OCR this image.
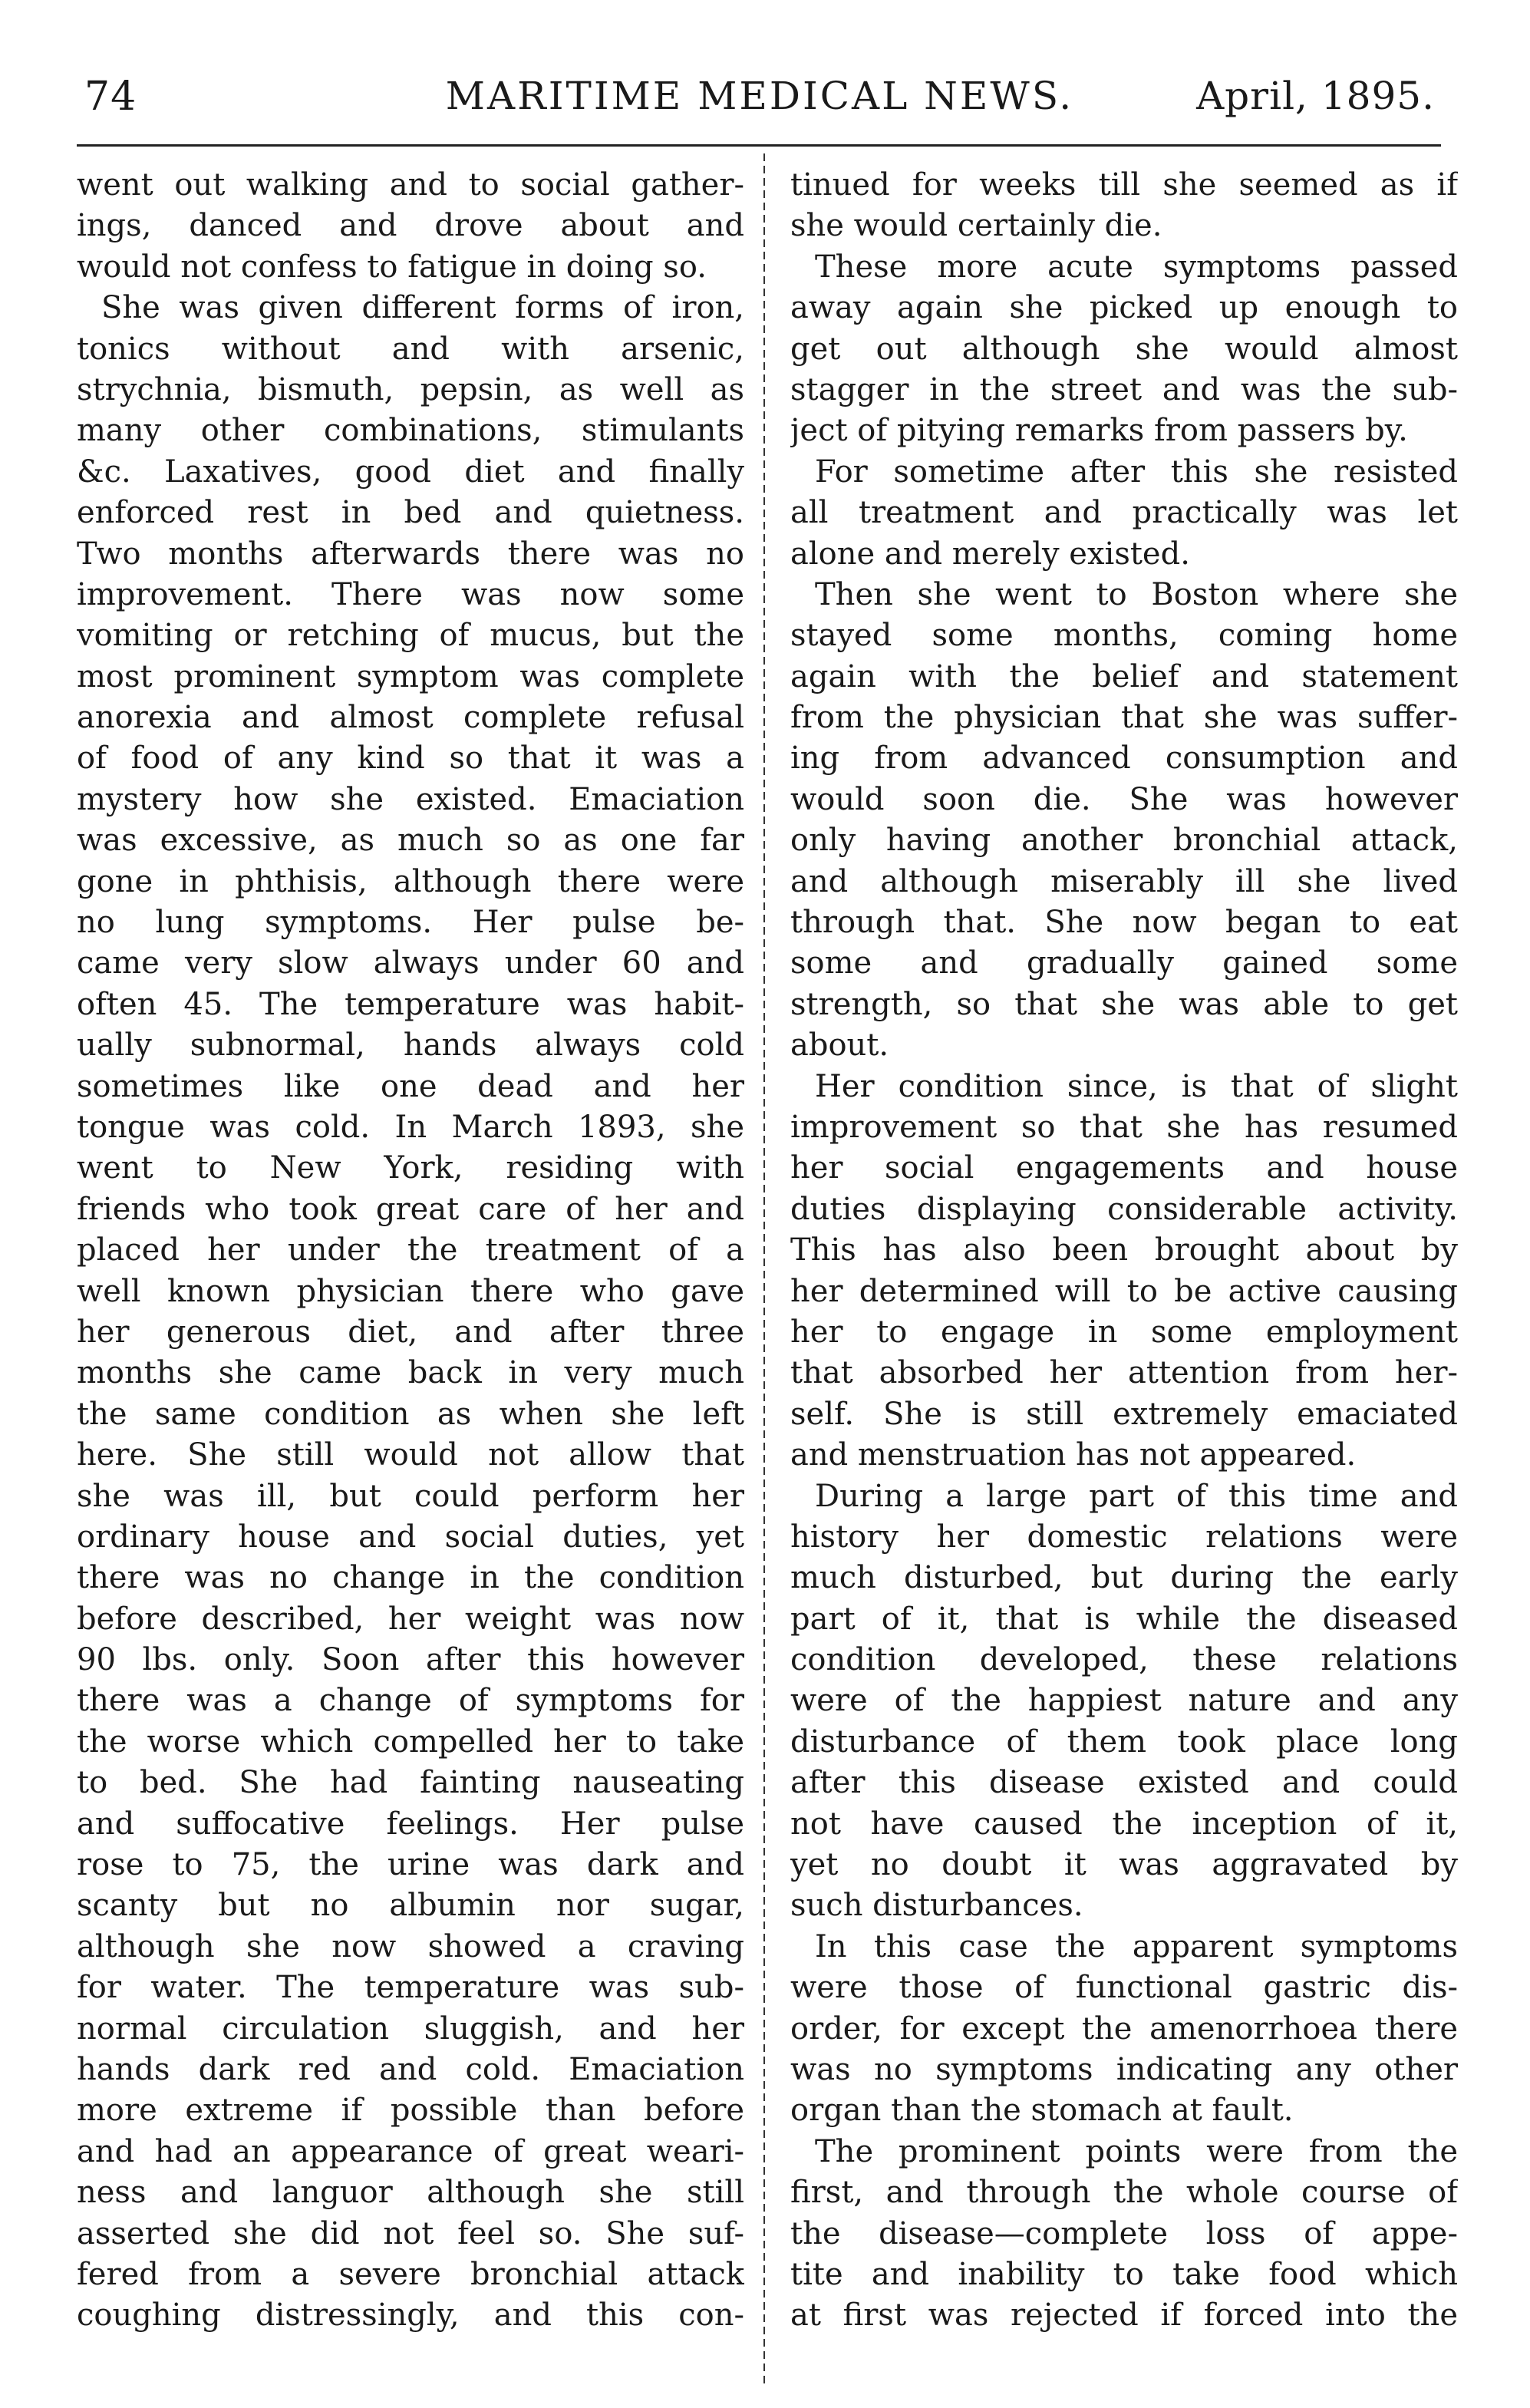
74	MARITIME MEDICAL NEWS.	April, 1895.
went out walking and to social gather-
ings, danced and drove about and
would not confess to fatigue in doing so.
She was given different forms of iron,
tonics without and with arsenic,
strychnia, bismuth, pepsin, as well as
many other combinations, stimulants
&c. Laxatives, good diet and finally
enforced rest in bed and quietness.
Two months afterwards there was no
improvement. There was now some
vomiting or retching of mucus, but the
most prominent symptom was complete
anorexia and almost complete refusal
of food of any kind so that it was a
mystery how she existed. Emaciation
was excessive, as much so as one far
gone in phthisis, although there were
no lung symptoms. Her pulse be-
came very slow always under 60 and
often 45. The temperature was habit-
ually subnormal, hands always cold
sometimes like one dead and her
tongue was cold. In March 1893, she
went to New York, residing with
friends who took great care of her and
placed her under the treatment of a
well known physician there who gave
her generous diet, and after three
months she came back in very much
the same condition as when she left
here. She still would not allow that
she was ill, but could perform her
ordinary house and social duties, yet
there was no change in the condition
before described, her weight was now
90 lbs. only. Soon after this however
there was a change of symptoms for
the worse which compelled her to take
to bed. She had fainting nauseating
and suffocative feelings. Her pulse
rose to 75, the urine was dark and
scanty but no albumin nor sugar,
although she now showed a craving
for water. The temperature was sub-
normal circulation sluggish, and her
hands dark red and cold. Emaciation
more extreme if possible than before
and had an appearance of great weari-
ness and languor although she still
asserted she did not feel so. She suf-
fered from a severe bronchial attack
coughing distressingly, and this con-
tinued for weeks till she seemed as if
she would certainly die.
These more acute symptoms passed
away again she picked up enough to
get out although she would almost
stagger in the street and was the sub-
ject of pitying remarks from passers by.
For sometime after this she resisted
all treatment and practically was let
alone and merely existed.
Then she went to Boston where she
stayed some months, coming home
again with the belief and statement
from the physician that she was suffer-
ing from advanced consumption and
would soon die. She was however
only having another bronchial attack,
and although miserably ill she lived
through that. She now began to eat
some and gradually gained some
strength, so that she was able to get
about.
Her condition since, is that of slight
improvement so that she has resumed
her social engagements and house
duties displaying considerable activity.
This has also been brought about by
her determined will to be active causing
her to engage in some employment
that absorbed her attention from her-
self. She is still extremely emaciated
and menstruation has not appeared.
During a large part of this time and
history her domestic relations were
much disturbed, but during the early
part of it, that is while the diseased
condition developed, these relations
were of the happiest nature and any
disturbance of them took place long
after this disease existed and could
not have caused the inception of it,
yet no doubt it was aggravated by
such disturbances.
In this case the apparent symptoms
were those of functional gastric dis-
order, for except the amenorrhoea there
was no symptoms indicating any other
organ than the stomach at fault.
The prominent points were from the
first, and through the whole course of
the disease—complete loss of appe-
tite and inability to take food which
at first was rejected if forced into the
